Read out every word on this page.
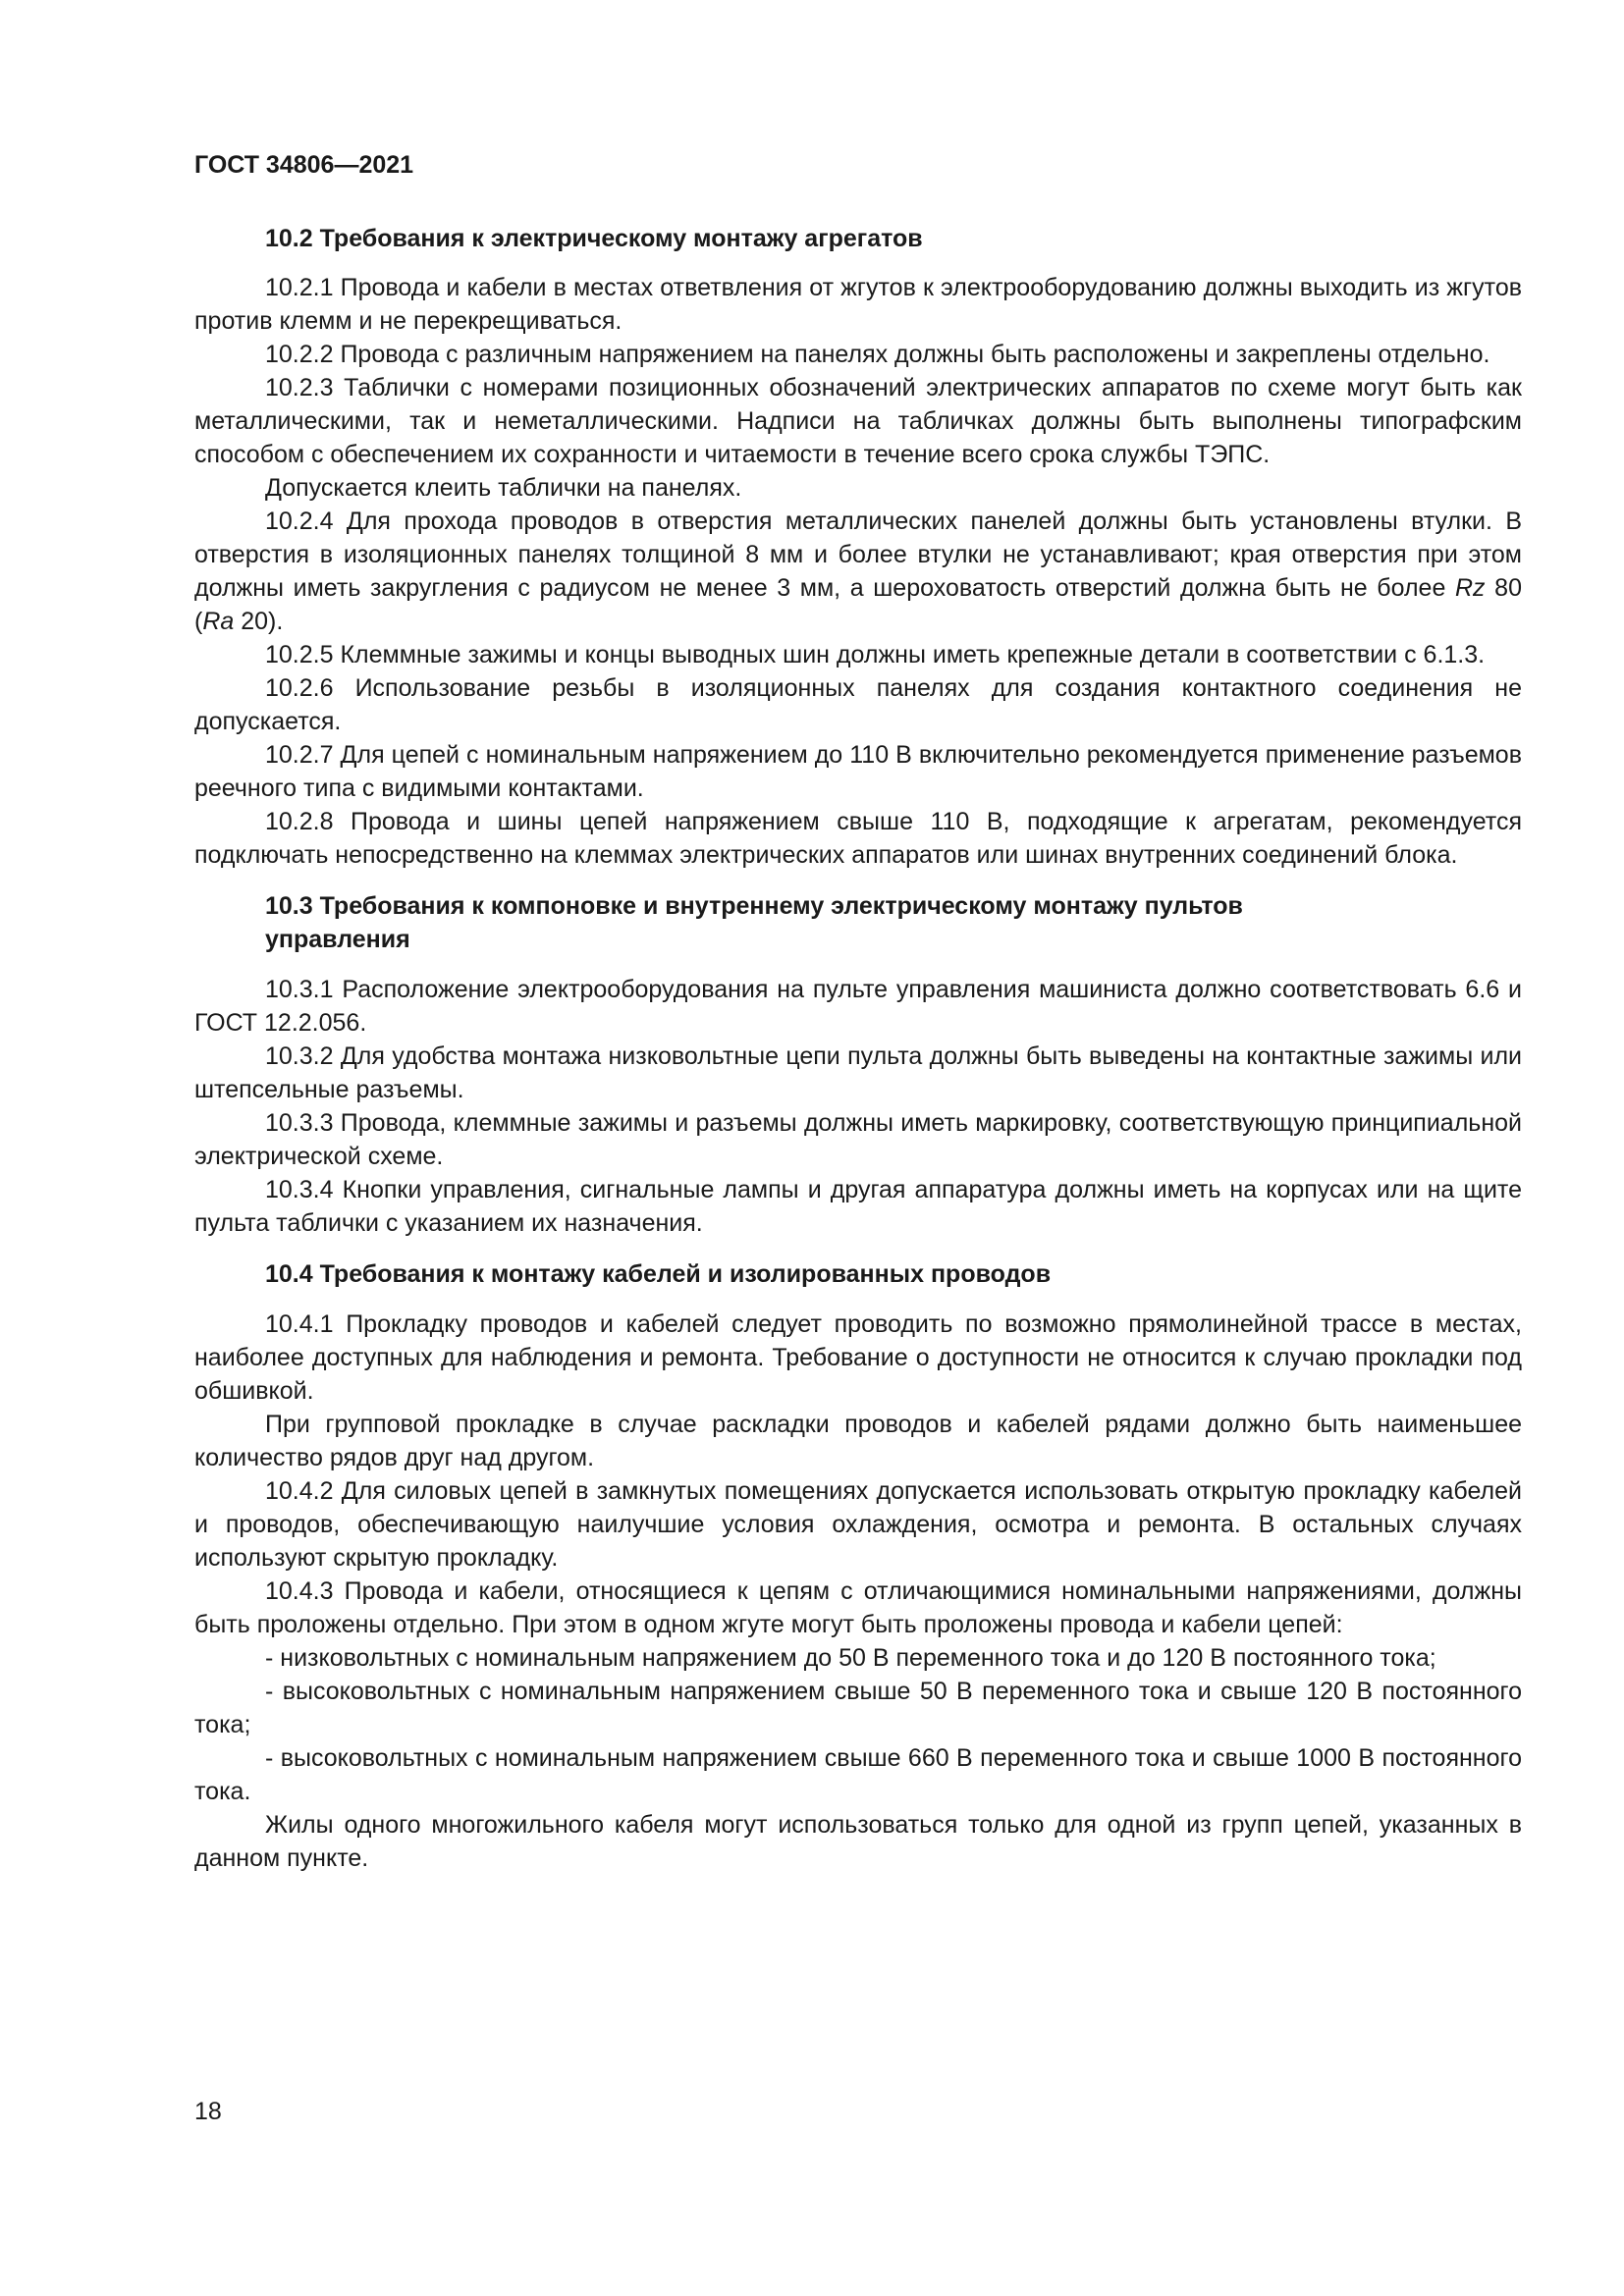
ГОСТ 34806—2021
10.2 Требования к электрическому монтажу агрегатов

10.2.1 Провода и кабели в местах ответвления от жгутов к электрооборудованию должны выходить из жгутов против клемм и не перекрещиваться.

10.2.2 Провода с различным напряжением на панелях должны быть расположены и закреплены отдельно.

10.2.3 Таблички с номерами позиционных обозначений электрических аппаратов по схеме могут быть как металлическими, так и неметаллическими. Надписи на табличках должны быть выполнены типографским способом с обеспечением их сохранности и читаемости в течение всего срока службы ТЭПС.

Допускается клеить таблички на панелях.

10.2.4 Для прохода проводов в отверстия металлических панелей должны быть установлены втулки. В отверстия в изоляционных панелях толщиной 8 мм и более втулки не устанавливают; края отверстия при этом должны иметь закругления с радиусом не менее 3 мм, а шероховатость отверстий должна быть не более Rz 80 (Ra 20).

10.2.5 Клеммные зажимы и концы выводных шин должны иметь крепежные детали в соответствии с 6.1.3.

10.2.6 Использование резьбы в изоляционных панелях для создания контактного соединения не допускается.

10.2.7 Для цепей с номинальным напряжением до 110 В включительно рекомендуется применение разъемов реечного типа с видимыми контактами.

10.2.8 Провода и шины цепей напряжением свыше 110 В, подходящие к агрегатам, рекомендуется подключать непосредственно на клеммах электрических аппаратов или шинах внутренних соединений блока.

10.3 Требования к компоновке и внутреннему электрическому монтажу пультов управления

10.3.1 Расположение электрооборудования на пульте управления машиниста должно соответствовать 6.6 и ГОСТ 12.2.056.

10.3.2 Для удобства монтажа низковольтные цепи пульта должны быть выведены на контактные зажимы или штепсельные разъемы.

10.3.3 Провода, клеммные зажимы и разъемы должны иметь маркировку, соответствующую принципиальной электрической схеме.

10.3.4 Кнопки управления, сигнальные лампы и другая аппаратура должны иметь на корпусах или на щите пульта таблички с указанием их назначения.

10.4 Требования к монтажу кабелей и изолированных проводов

10.4.1 Прокладку проводов и кабелей следует проводить по возможно прямолинейной трассе в местах, наиболее доступных для наблюдения и ремонта. Требование о доступности не относится к случаю прокладки под обшивкой.

При групповой прокладке в случае раскладки проводов и кабелей рядами должно быть наименьшее количество рядов друг над другом.

10.4.2 Для силовых цепей в замкнутых помещениях допускается использовать открытую прокладку кабелей и проводов, обеспечивающую наилучшие условия охлаждения, осмотра и ремонта. В остальных случаях используют скрытую прокладку.

10.4.3 Провода и кабели, относящиеся к цепям с отличающимися номинальными напряжениями, должны быть проложены отдельно. При этом в одном жгуте могут быть проложены провода и кабели цепей:

- низковольтных с номинальным напряжением до 50 В переменного тока и до 120 В постоянного тока;

- высоковольтных с номинальным напряжением свыше 50 В переменного тока и свыше 120 В постоянного тока;

- высоковольтных с номинальным напряжением свыше 660 В переменного тока и свыше 1000 В постоянного тока.

Жилы одного многожильного кабеля могут использоваться только для одной из групп цепей, указанных в данном пункте.

18
